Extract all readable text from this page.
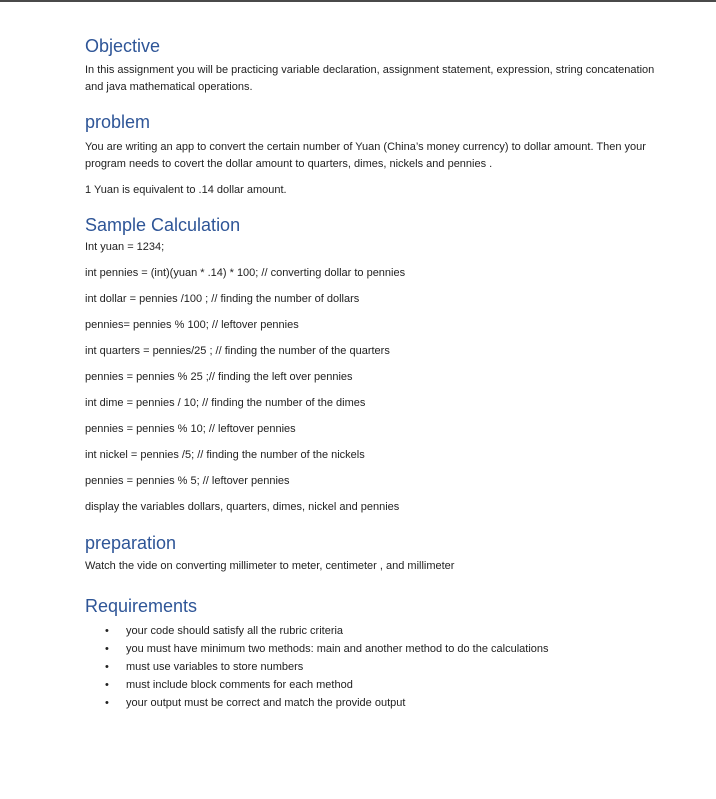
Objective

In this assignment you will be practicing variable declaration, assignment statement, expression, string concatenation and java mathematical operations.

problem

You are writing an app to convert the certain number of Yuan (China’s money currency) to dollar amount. Then your program needs to covert the dollar amount to quarters, dimes, nickels and pennies .

1 Yuan is equivalent to .14 dollar amount.

Sample Calculation

Int yuan = 1234;

int pennies = (int)(yuan * .14) * 100; // converting dollar to pennies

int dollar = pennies /100 ; // finding the number of dollars

pennies= pennies % 100; // leftover pennies

int quarters = pennies/25 ; // finding the number of the quarters

pennies = pennies % 25 ;// finding the left over pennies

int dime = pennies / 10; // finding the number of the dimes

pennies = pennies % 10; // leftover pennies

int nickel = pennies /5; // finding the number of the nickels

pennies = pennies % 5; // leftover pennies

display the variables dollars, quarters, dimes, nickel and pennies

preparation

Watch the vide on converting millimeter to meter, centimeter , and millimeter

Requirements
• your code should satisfy all the rubric criteria
• you must have minimum two methods: main and another method to do the calculations
• must use variables to store numbers
• must include block comments for each method
• your output must be correct and match the provide output
